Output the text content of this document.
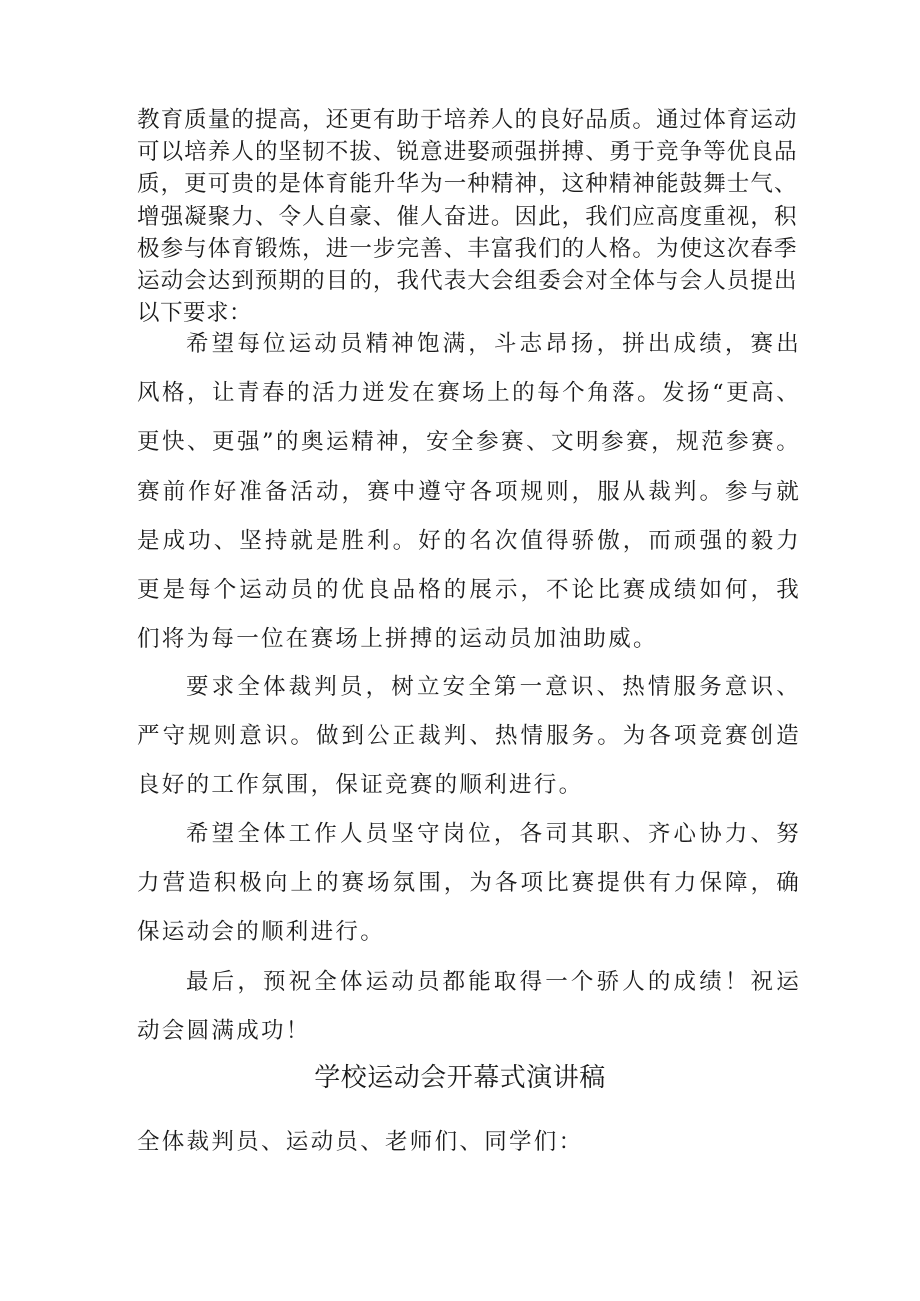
教育质量的提高，还更有助于培养人的良好品质。通过体育运动可以培养人的坚韧不拔、锐意进娶顽强拼搏、勇于竞争等优良品质，更可贵的是体育能升华为一种精神，这种精神能鼓舞士气、增强凝聚力、令人自豪、催人奋进。因此，我们应高度重视，积极参与体育锻炼，进一步完善、丰富我们的人格。为使这次春季运动会达到预期的目的，我代表大会组委会对全体与会人员提出以下要求：

希望每位运动员精神饱满，斗志昂扬，拼出成绩，赛出风格，让青春的活力迸发在赛场上的每个角落。发扬“更高、更快、更强”的奥运精神，安全参赛、文明参赛，规范参赛。赛前作好准备活动，赛中遵守各项规则，服从裁判。参与就是成功、坚持就是胜利。好的名次值得骄傲，而顽强的毅力更是每个运动员的优良品格的展示，不论比赛成绩如何，我们将为每一位在赛场上拼搏的运动员加油助威。

要求全体裁判员，树立安全第一意识、热情服务意识、严守规则意识。做到公正裁判、热情服务。为各项竞赛创造良好的工作氛围，保证竞赛的顺利进行。

希望全体工作人员坚守岗位，各司其职、齐心协力、努力营造积极向上的赛场氛围，为各项比赛提供有力保障，确保运动会的顺利进行。

最后，预祝全体运动员都能取得一个骄人的成绩！祝运动会圆满成功！

学校运动会开幕式演讲稿

全体裁判员、运动员、老师们、同学们：
